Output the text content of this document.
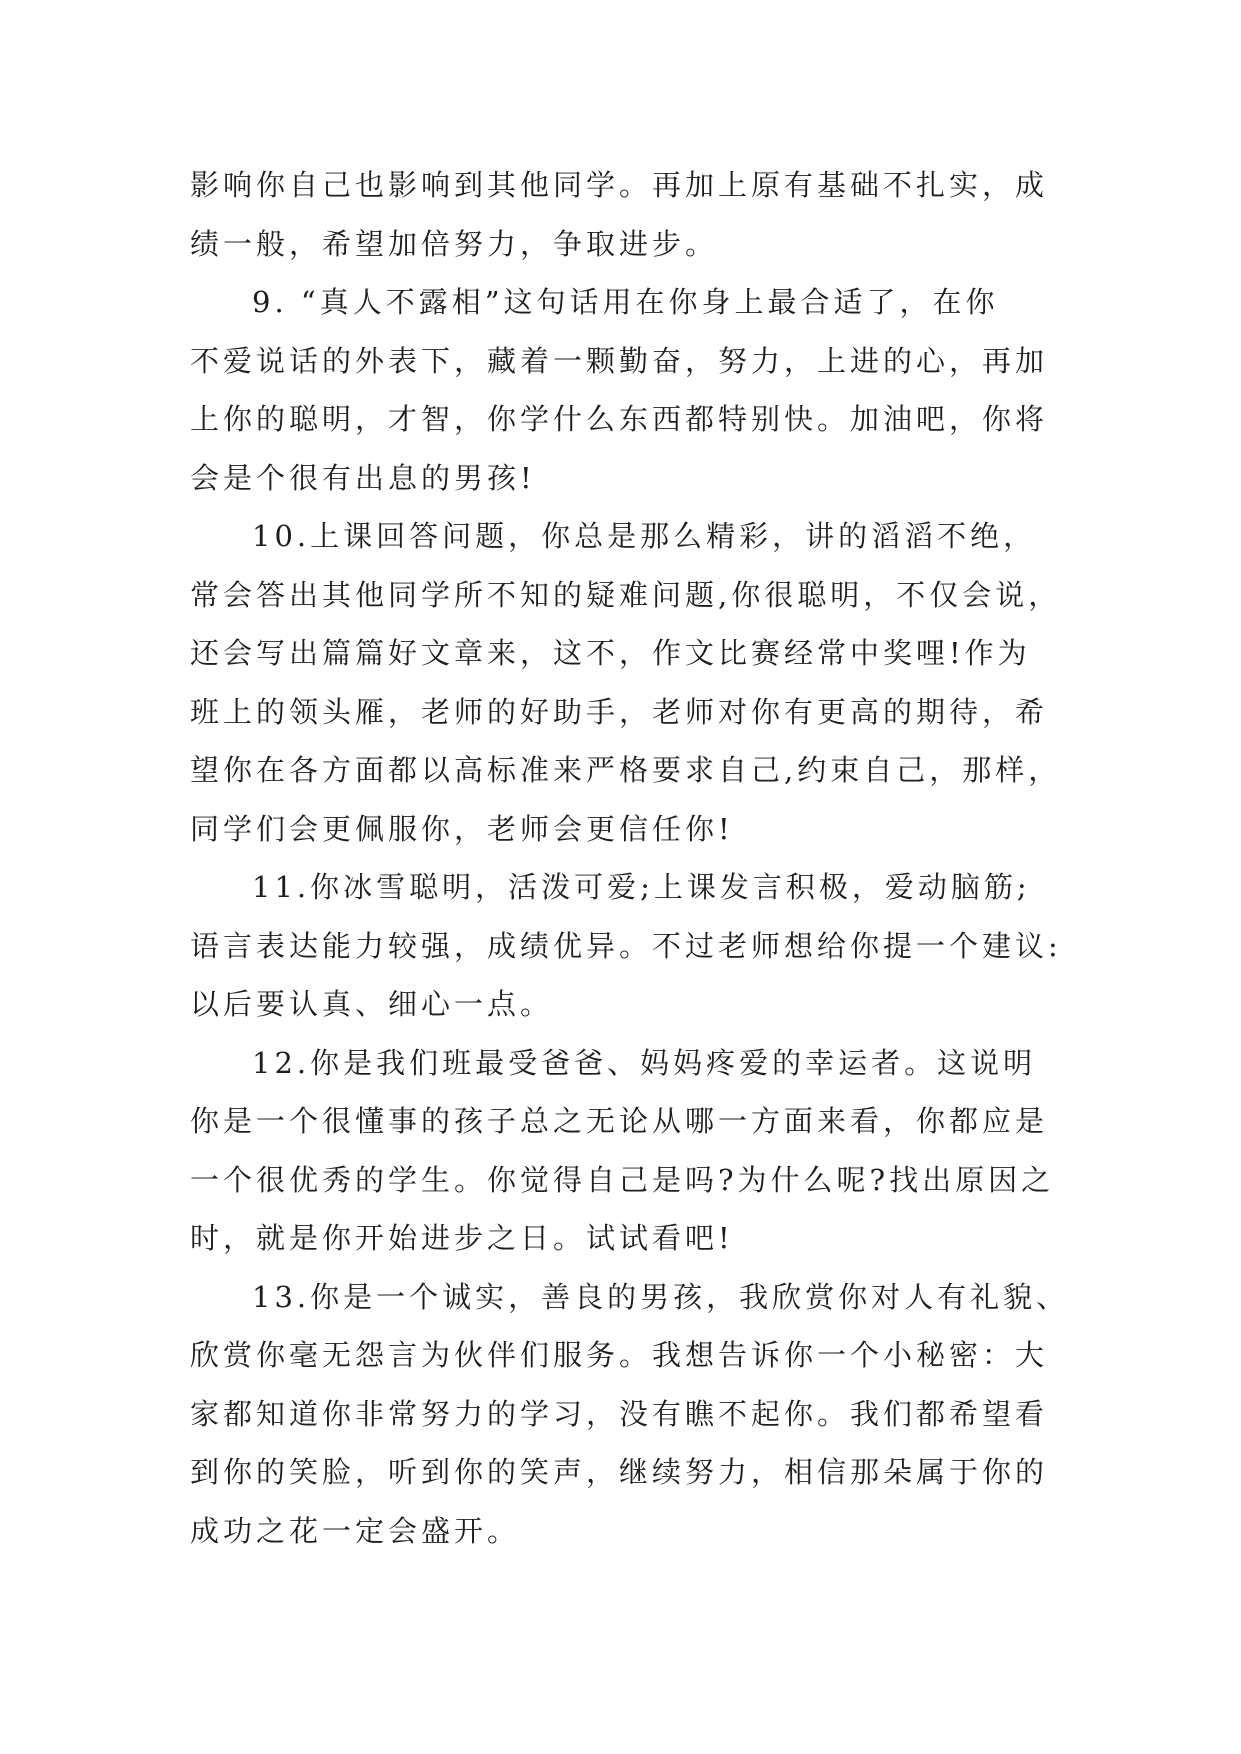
影响你自己也影响到其他同学。再加上原有基础不扎实，成
绩一般，希望加倍努力，争取进步。
9. “真人不露相”这句话用在你身上最合适了，在你
不爱说话的外表下，藏着一颗勤奋，努力，上进的心，再加
上你的聪明，才智，你学什么东西都特别快。加油吧，你将
会是个很有出息的男孩!
10.上课回答问题，你总是那么精彩，讲的滔滔不绝，
常会答出其他同学所不知的疑难问题,你很聪明，不仅会说，
还会写出篇篇好文章来，这不，作文比赛经常中奖哩!作为
班上的领头雁，老师的好助手，老师对你有更高的期待，希
望你在各方面都以高标准来严格要求自己,约束自己，那样，
同学们会更佩服你，老师会更信任你!
11.你冰雪聪明，活泼可爱;上课发言积极，爱动脑筋;
语言表达能力较强，成绩优异。不过老师想给你提一个建议:
以后要认真、细心一点。
12.你是我们班最受爸爸、妈妈疼爱的幸运者。这说明
你是一个很懂事的孩子总之无论从哪一方面来看，你都应是
一个很优秀的学生。你觉得自己是吗?为什么呢?找出原因之
时，就是你开始进步之日。试试看吧!
13.你是一个诚实，善良的男孩，我欣赏你对人有礼貌、
欣赏你毫无怨言为伙伴们服务。我想告诉你一个小秘密：大
家都知道你非常努力的学习，没有瞧不起你。我们都希望看
到你的笑脸，听到你的笑声，继续努力，相信那朵属于你的
成功之花一定会盛开。
